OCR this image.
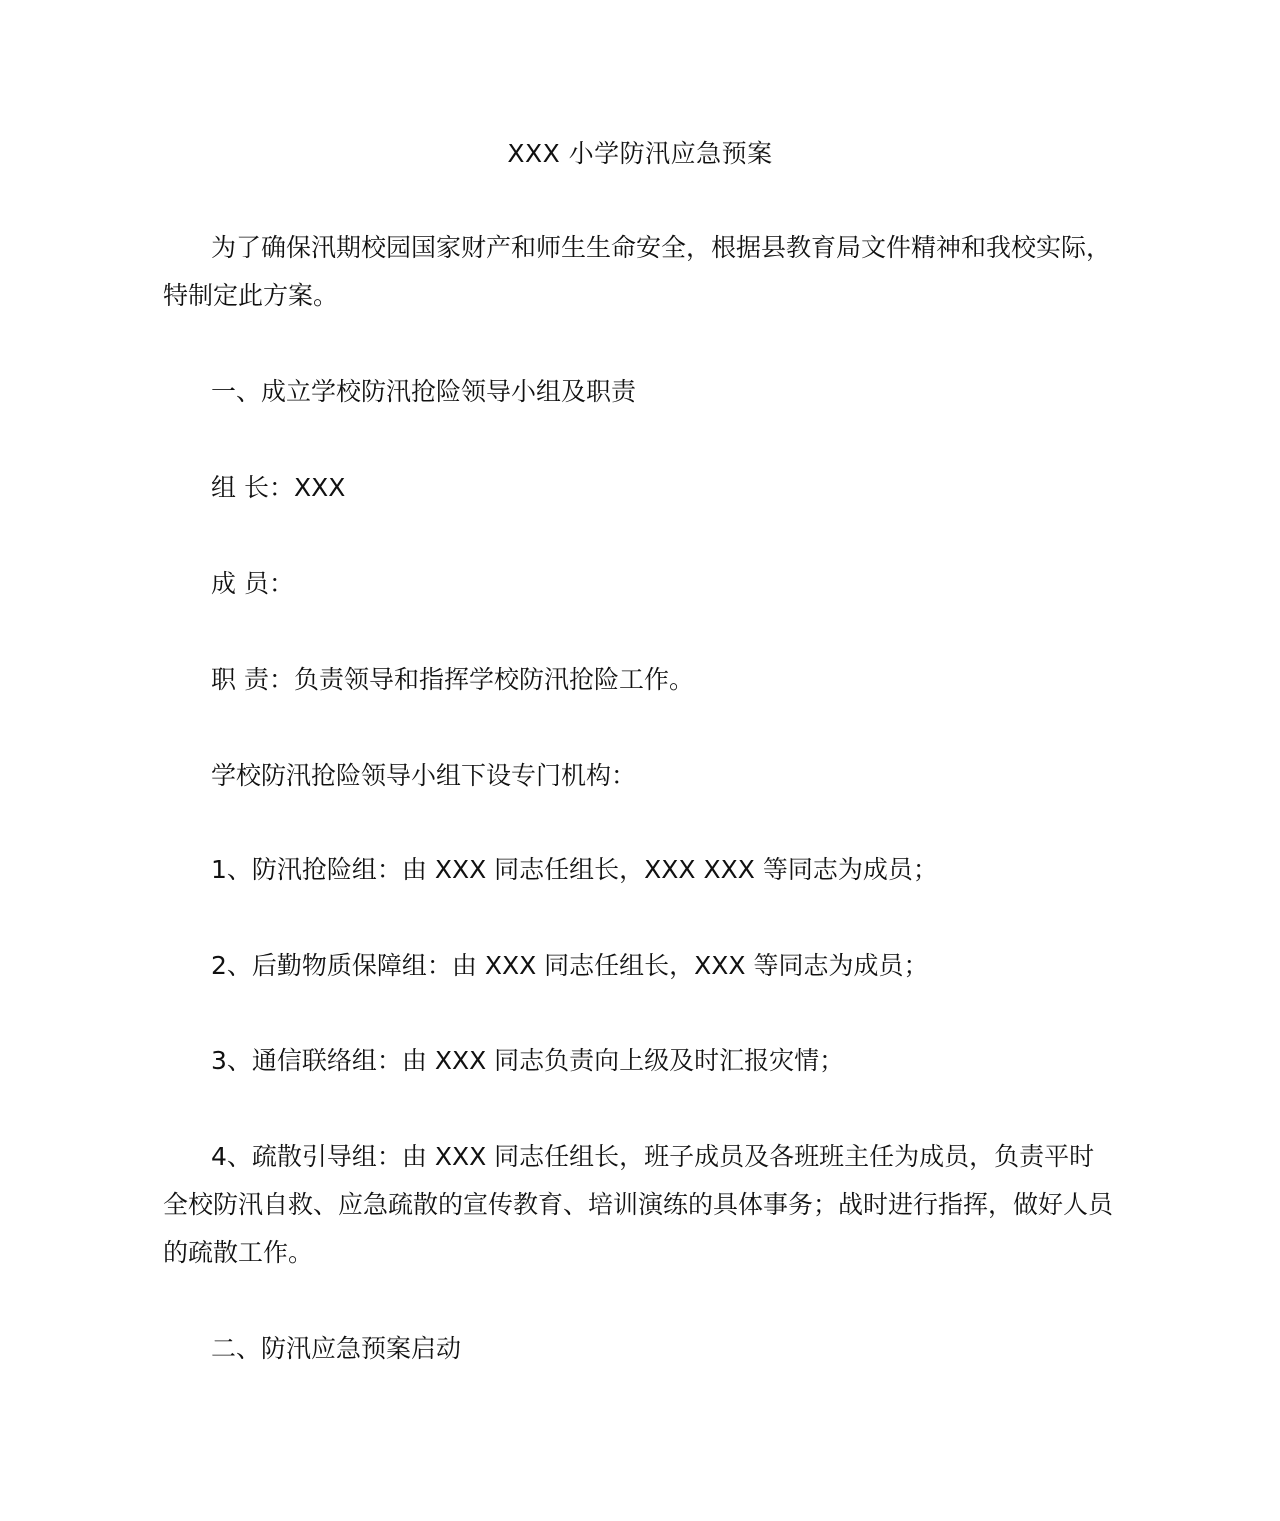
XXX 小学防汛应急预案
为了确保汛期校园国家财产和师生生命安全，根据县教育局文件精神和我校实际，特制定此方案。
一、成立学校防汛抢险领导小组及职责
组 长：XXX
成 员：
职 责：负责领导和指挥学校防汛抢险工作。
学校防汛抢险领导小组下设专门机构：
1、防汛抢险组：由 XXX 同志任组长，XXX XXX 等同志为成员；
2、后勤物质保障组：由 XXX 同志任组长，XXX 等同志为成员；
3、通信联络组：由 XXX 同志负责向上级及时汇报灾情；
4、疏散引导组：由 XXX 同志任组长，班子成员及各班班主任为成员，负责平时全校防汛自救、应急疏散的宣传教育、培训演练的具体事务；战时进行指挥，做好人员的疏散工作。
二、防汛应急预案启动
